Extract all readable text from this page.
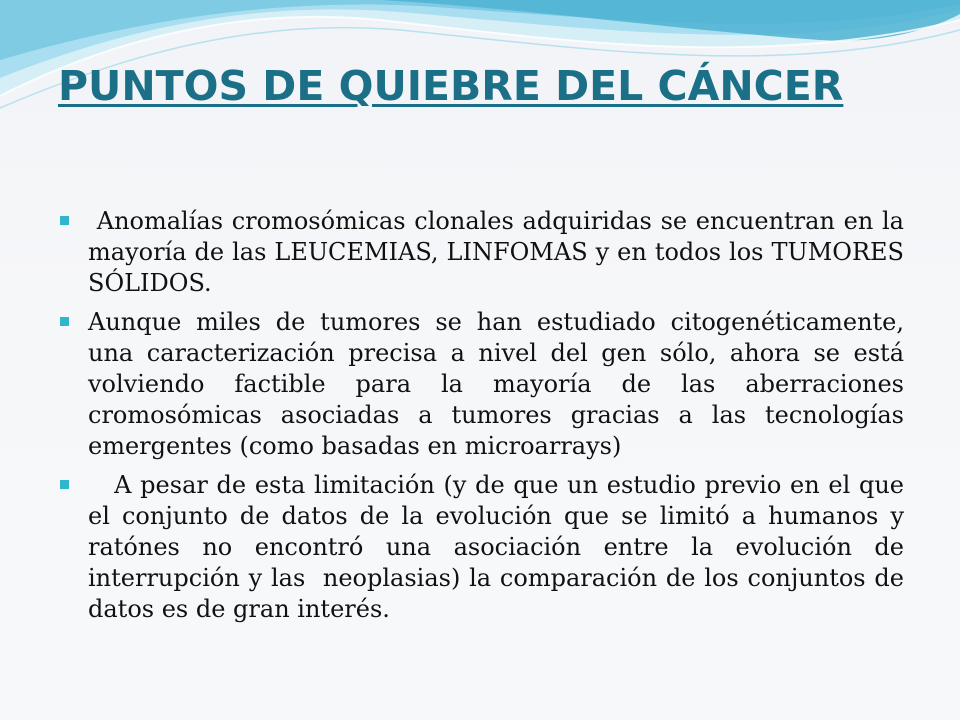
PUNTOS DE QUIEBRE DEL CÁNCER
Anomalías cromosómicas clonales adquiridas se encuentran en la mayoría de las LEUCEMIAS, LINFOMAS y en todos los TUMORES SÓLIDOS.
Aunque miles de tumores se han estudiado citogenéticamente, una caracterización precisa a nivel del gen sólo, ahora se está volviendo factible para la mayoría de las aberraciones cromosómicas asociadas a tumores gracias a las tecnologías emergentes (como basadas en microarrays)
A pesar de esta limitación (y de que un estudio previo en el que el conjunto de datos de la evolución que se limitó a humanos y  ratónes no encontró una asociación entre la evolución de interrupción y las  neoplasias) la comparación de los conjuntos de datos es de gran interés.
